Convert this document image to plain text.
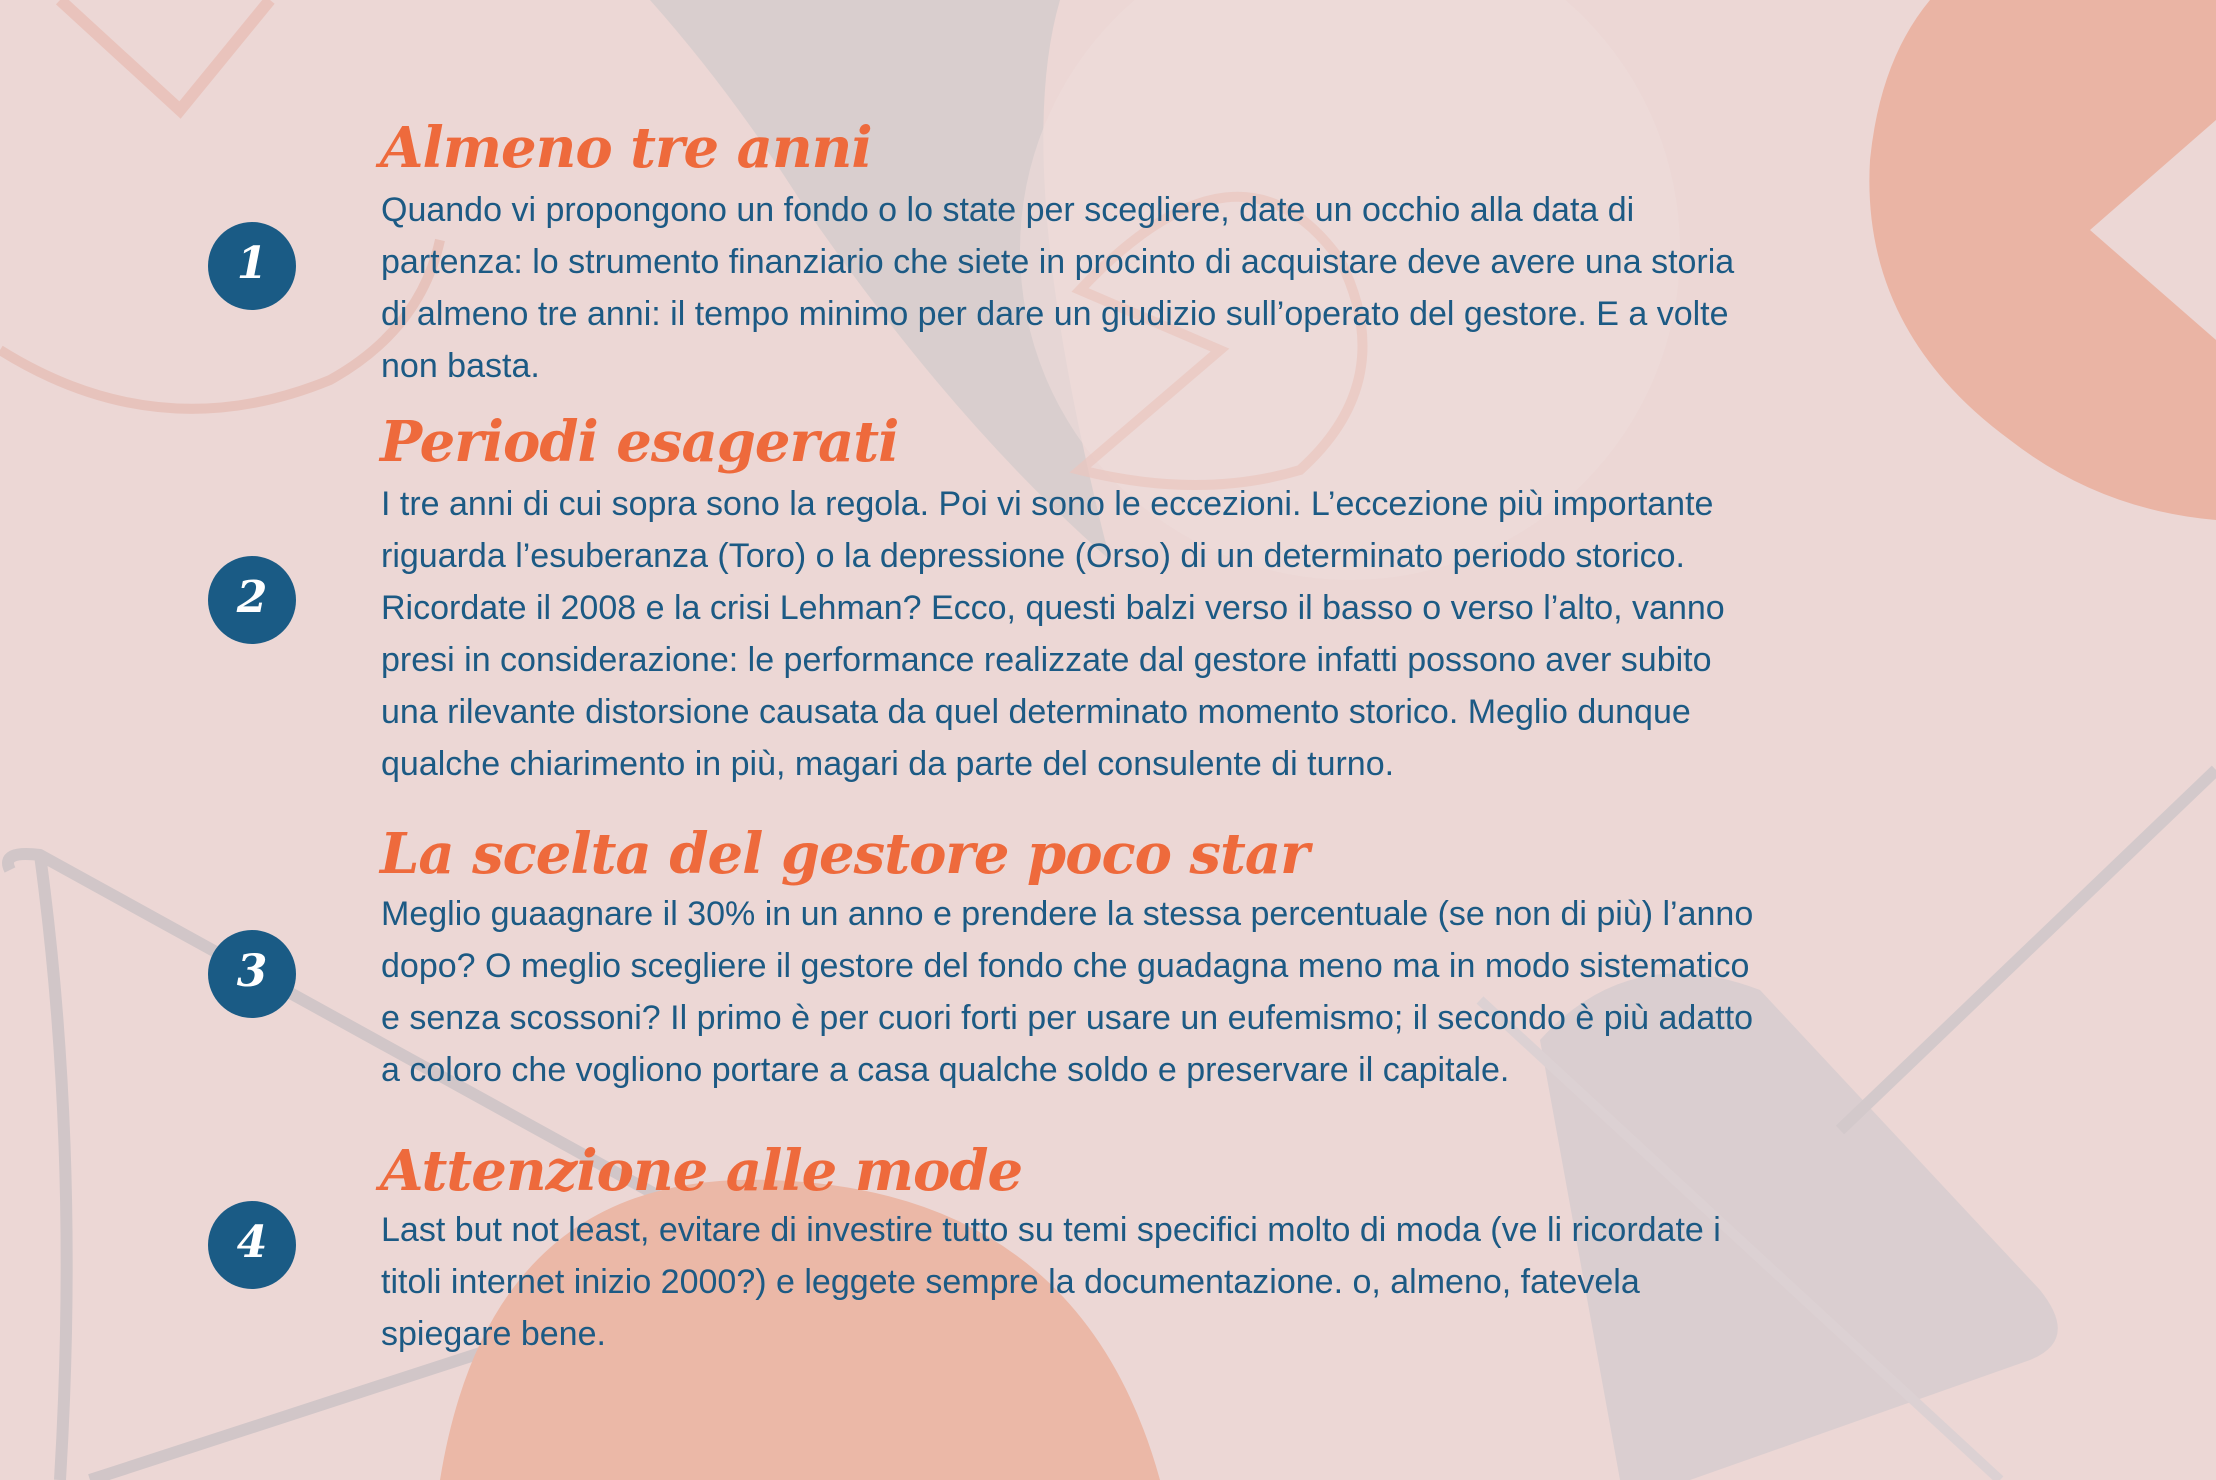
1
Almeno tre anni

Quando vi propongono un fondo o lo state per scegliere, date un occhio alla data di
partenza: lo strumento finanziario che siete in procinto di acquistare deve avere una storia
di almeno tre anni: il tempo minimo per dare un giudizio sull’operato del gestore. E a volte
non basta.

2
Periodi esagerati

I tre anni di cui sopra sono la regola. Poi vi sono le eccezioni. L’eccezione più importante
riguarda l’esuberanza (Toro) o la depressione (Orso) di un determinato periodo storico.
Ricordate il 2008 e la crisi Lehman? Ecco, questi balzi verso il basso o verso l’alto, vanno
presi in considerazione: le performance realizzate dal gestore infatti possono aver subito
una rilevante distorsione causata da quel determinato momento storico. Meglio dunque
qualche chiarimento in più, magari da parte del consulente di turno.

3
La scelta del gestore poco star

Meglio guaagnare il 30% in un anno e prendere la stessa percentuale (se non di più) l’anno
dopo? O meglio scegliere il gestore del fondo che guadagna meno ma in modo sistematico
e senza scossoni? Il primo è per cuori forti per usare un eufemismo; il secondo è più adatto
a coloro che vogliono portare a casa qualche soldo e preservare il capitale.

4
Attenzione alle mode

Last but not least, evitare di investire tutto su temi specifici molto di moda (ve li ricordate i
titoli internet inizio 2000?) e leggete sempre la documentazione. o, almeno, fatevela
spiegare bene.
